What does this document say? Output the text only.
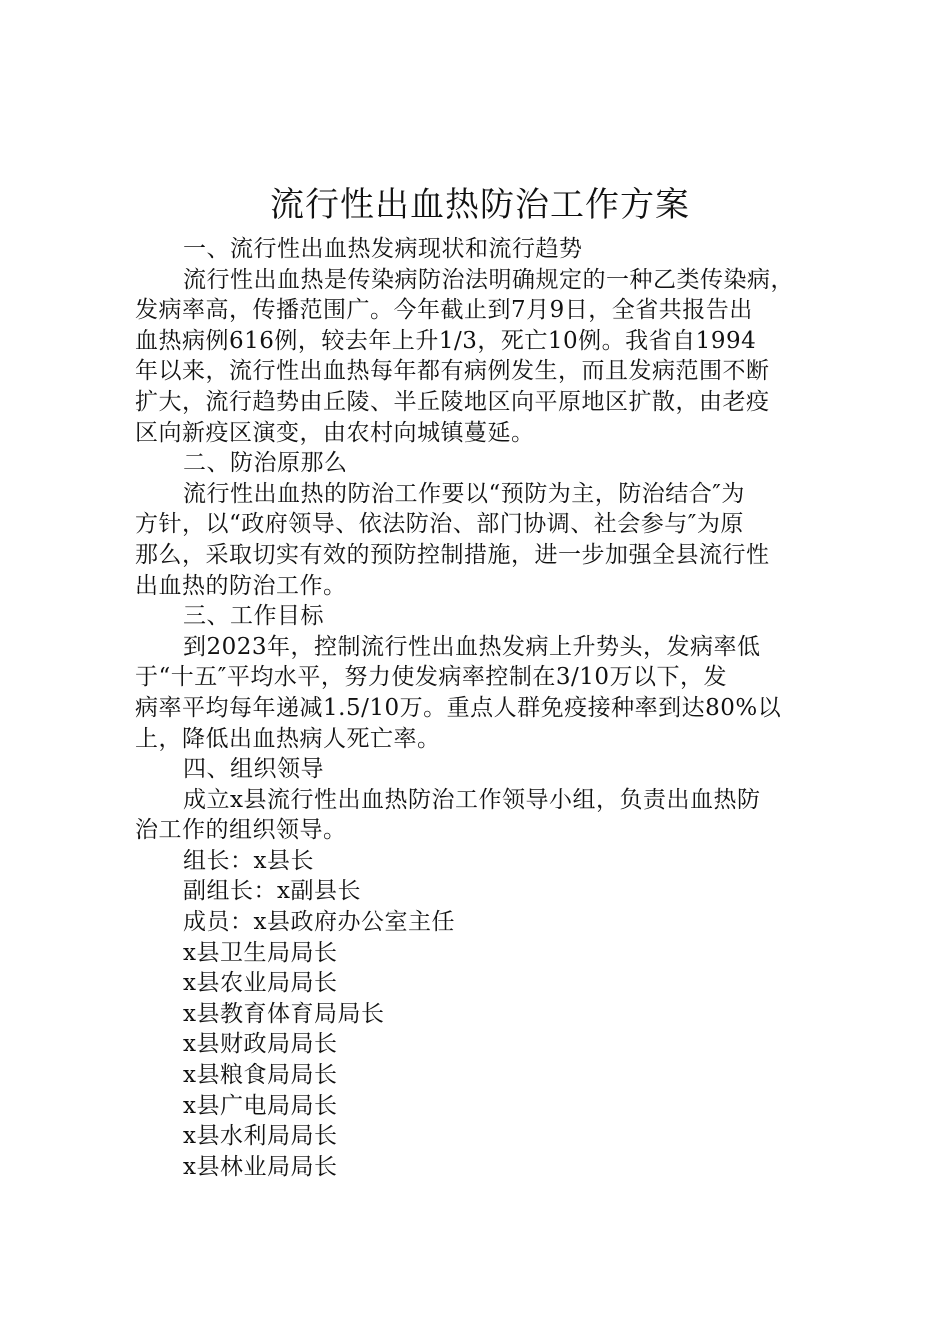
流行性出血热防治工作方案
一、流行性出血热发病现状和流行趋势
流行性出血热是传染病防治法明确规定的一种乙类传染病，
发病率高，传播范围广。今年截止到7月9日，全省共报告出
血热病例616例，较去年上升1/3，死亡10例。我省自1994
年以来，流行性出血热每年都有病例发生，而且发病范围不断
扩大，流行趋势由丘陵、半丘陵地区向平原地区扩散，由老疫
区向新疫区演变，由农村向城镇蔓延。
二、防治原那么
流行性出血热的防治工作要以“预防为主，防治结合″为
方针，以“政府领导、依法防治、部门协调、社会参与″为原
那么，采取切实有效的预防控制措施，进一步加强全县流行性
出血热的防治工作。
三、工作目标
到2023年，控制流行性出血热发病上升势头，发病率低
于“十五″平均水平，努力使发病率控制在3/10万以下，发
病率平均每年递减1.5/10万。重点人群免疫接种率到达80%以
上，降低出血热病人死亡率。
四、组织领导
成立x县流行性出血热防治工作领导小组，负责出血热防
治工作的组织领导。
组长：x县长
副组长：x副县长
成员：x县政府办公室主任
x县卫生局局长
x县农业局局长
x县教育体育局局长
x县财政局局长
x县粮食局局长
x县广电局局长
x县水利局局长
x县林业局局长
